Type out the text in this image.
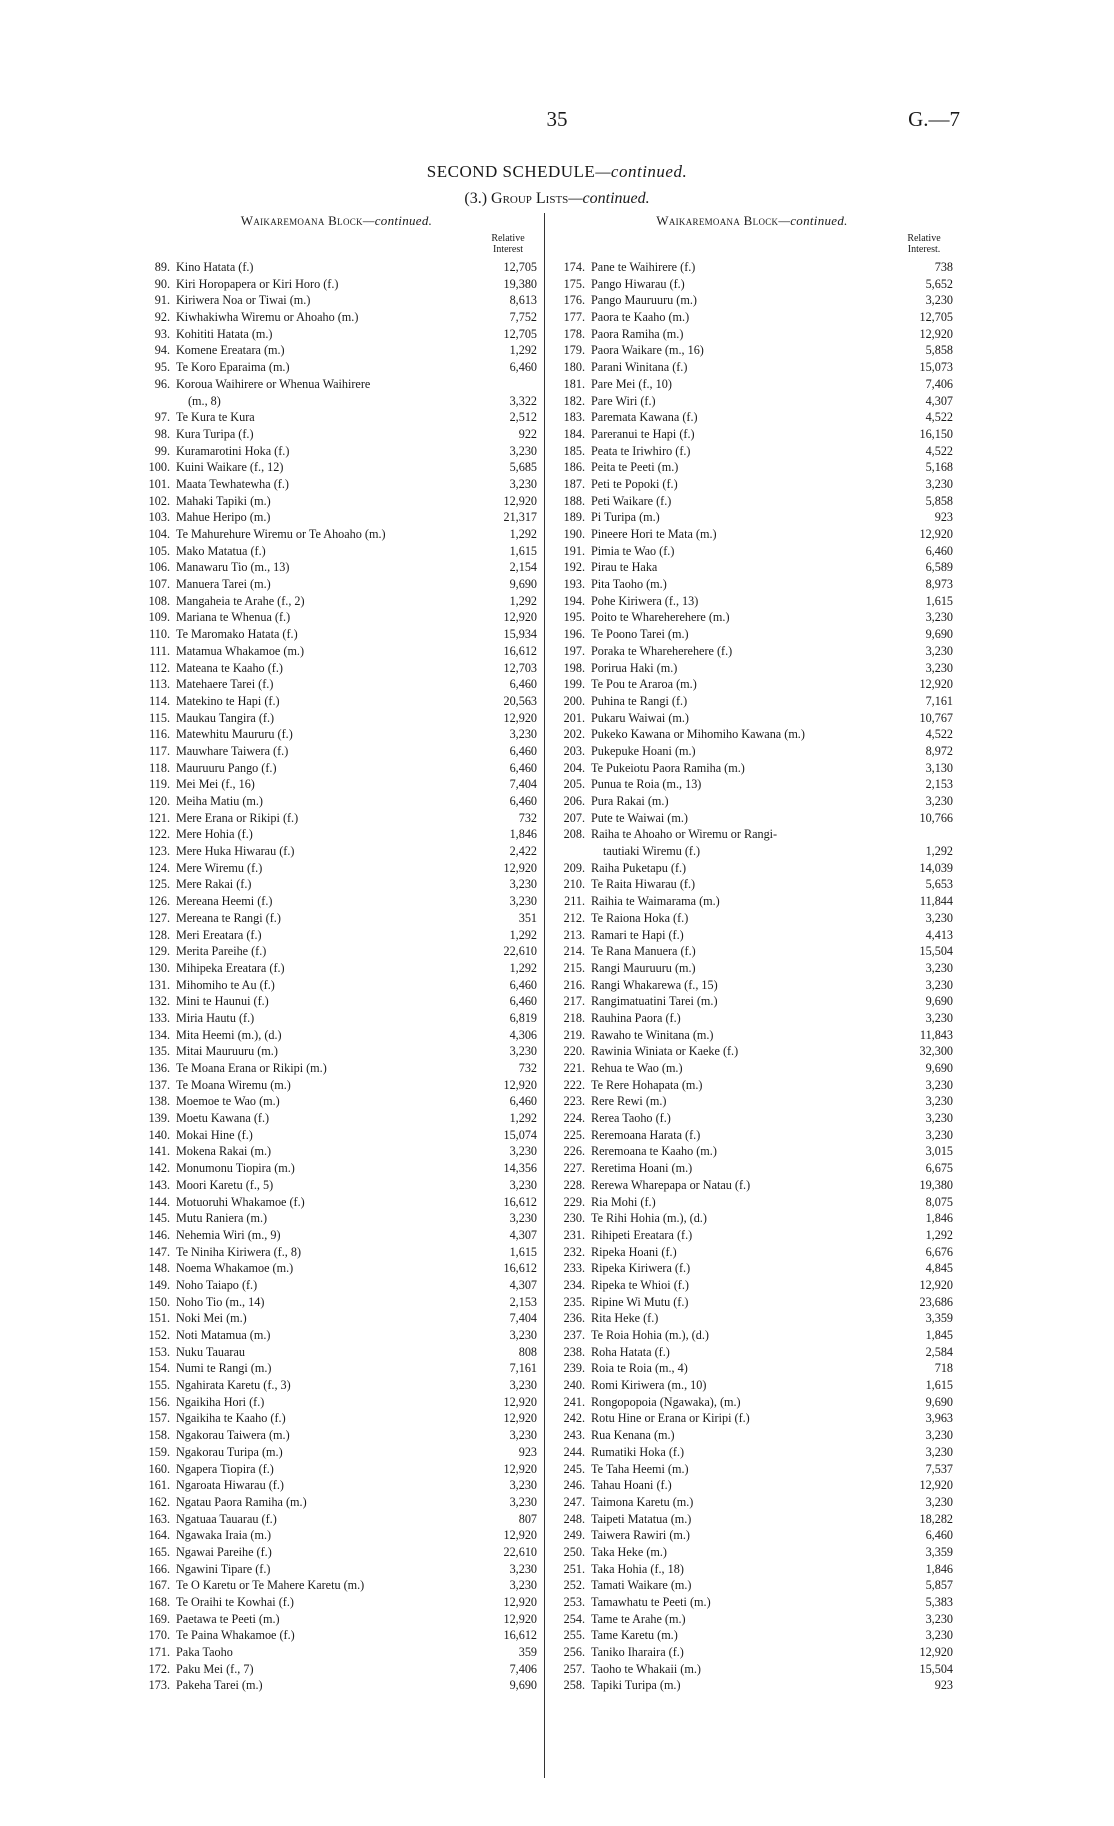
35	G.—7
SECOND SCHEDULE—continued.
(3.) Group Lists—continued.
Waikaremoana Block—continued.
Relative Interest
89. Kino Hatata (f.)	12,705
90. Kiri Horopapera or Kiri Horo (f.)	19,380
91. Kiriwera Noa or Tiwai (m.)	8,613
92. Kiwhakiwha Wiremu or Ahoaho (m.)	7,752
93. Kohititi Hatata (m.)	12,705
94. Komene Ereatara (m.)	1,292
95. Te Koro Eparaima (m.)	6,460
96. Koroua Waihirere or Whenua Waihirere
(m., 8)	3,322
97. Te Kura te Kura	2,512
98. Kura Turipa (f.)	922
99. Kuramarotini Hoka (f.)	3,230
100. Kuini Waikare (f., 12)	5,685
101. Maata Tewhatewha (f.)	3,230
102. Mahaki Tapiki (m.)	12,920
103. Mahue Heripo (m.)	21,317
104. Te Mahurehure Wiremu or Te Ahoaho (m.)	1,292
105. Mako Matatua (f.)	1,615
106. Manawaru Tio (m., 13)	2,154
107. Manuera Tarei (m.)	9,690
108. Mangaheia te Arahe (f., 2)	1,292
109. Mariana te Whenua (f.)	12,920
110. Te Maromako Hatata (f.)	15,934
111. Matamua Whakamoe (m.)	16,612
112. Mateana te Kaaho (f.)	12,703
113. Matehaere Tarei (f.)	6,460
114. Matekino te Hapi (f.)	20,563
115. Maukau Tangira (f.)	12,920
116. Matewhitu Maururu (f.)	3,230
117. Mauwhare Taiwera (f.)	6,460
118. Mauruuru Pango (f.)	6,460
119. Mei Mei (f., 16)	7,404
120. Meiha Matiu (m.)	6,460
121. Mere Erana or Rikipi (f.)	732
122. Mere Hohia (f.)	1,846
123. Mere Huka Hiwarau (f.)	2,422
124. Mere Wiremu (f.)	12,920
125. Mere Rakai (f.)	3,230
126. Mereana Heemi (f.)	3,230
127. Mereana te Rangi (f.)	351
128. Meri Ereatara (f.)	1,292
129. Merita Pareihe (f.)	22,610
130. Mihipeka Ereatara (f.)	1,292
131. Mihomiho te Au (f.)	6,460
132. Mini te Haunui (f.)	6,460
133. Miria Hautu (f.)	6,819
134. Mita Heemi (m.), (d.)	4,306
135. Mitai Mauruuru (m.)	3,230
136. Te Moana Erana or Rikipi (m.)	732
137. Te Moana Wiremu (m.)	12,920
138. Moemoe te Wao (m.)	6,460
139. Moetu Kawana (f.)	1,292
140. Mokai Hine (f.)	15,074
141. Mokena Rakai (m.)	3,230
142. Monumonu Tiopira (m.)	14,356
143. Moori Karetu (f., 5)	3,230
144. Motuoruhi Whakamoe (f.)	16,612
145. Mutu Raniera (m.)	3,230
146. Nehemia Wiri (m., 9)	4,307
147. Te Niniha Kiriwera (f., 8)	1,615
148. Noema Whakamoe (m.)	16,612
149. Noho Taiapo (f.)	4,307
150. Noho Tio (m., 14)	2,153
151. Noki Mei (m.)	7,404
152. Noti Matamua (m.)	3,230
153. Nuku Tauarau	808
154. Numi te Rangi (m.)	7,161
155. Ngahirata Karetu (f., 3)	3,230
156. Ngaikiha Hori (f.)	12,920
157. Ngaikiha te Kaaho (f.)	12,920
158. Ngakorau Taiwera (m.)	3,230
159. Ngakorau Turipa (m.)	923
160. Ngapera Tiopira (f.)	12,920
161. Ngaroata Hiwarau (f.)	3,230
162. Ngatau Paora Ramiha (m.)	3,230
163. Ngatuaa Tauarau (f.)	807
164. Ngawaka Iraia (m.)	12,920
165. Ngawai Pareihe (f.)	22,610
166. Ngawini Tipare (f.)	3,230
167. Te O Karetu or Te Mahere Karetu (m.)	3,230
168. Te Oraihi te Kowhai (f.)	12,920
169. Paetawa te Peeti (m.)	12,920
170. Te Paina Whakamoe (f.)	16,612
171. Paka Taoho	359
172. Paku Mei (f., 7)	7,406
173. Pakeha Tarei (m.)	9,690
Waikaremoana Block—continued.
Relative Interest.
174. Pane te Waihirere (f.)	738
175. Pango Hiwarau (f.)	5,652
176. Pango Mauruuru (m.)	3,230
177. Paora te Kaaho (m.)	12,705
178. Paora Ramiha (m.)	12,920
179. Paora Waikare (m., 16)	5,858
180. Parani Winitana (f.)	15,073
181. Pare Mei (f., 10)	7,406
182. Pare Wiri (f.)	4,307
183. Paremata Kawana (f.)	4,522
184. Pareranui te Hapi (f.)	16,150
185. Peata te Iriwhiro (f.)	4,522
186. Peita te Peeti (m.)	5,168
187. Peti te Popoki (f.)	3,230
188. Peti Waikare (f.)	5,858
189. Pi Turipa (m.)	923
190. Pineere Hori te Mata (m.)	12,920
191. Pimia te Wao (f.)	6,460
192. Pirau te Haka	6,589
193. Pita Taoho (m.)	8,973
194. Pohe Kiriwera (f., 13)	1,615
195. Poito te Wharehereherе (m.)	3,230
196. Te Poono Tarei (m.)	9,690
197. Poraka te Wharehereherе (f.)	3,230
198. Porirua Haki (m.)	3,230
199. Te Pou te Araroa (m.)	12,920
200. Puhina te Rangi (f.)	7,161
201. Pukaru Waiwai (m.)	10,767
202. Pukeko Kawana or Mihomiho Kawana (m.)	4,522
203. Pukepuke Hoani (m.)	8,972
204. Te Pukeiotu Paora Ramiha (m.)	3,130
205. Punua te Roia (m., 13)	2,153
206. Pura Rakai (m.)	3,230
207. Pute te Waiwai (m.)	10,766
208. Raiha te Ahoaho or Wiremu or Rangi-
tautiaki Wiremu (f.)	1,292
209. Raiha Puketapu (f.)	14,039
210. Te Raita Hiwarau (f.)	5,653
211. Raihia te Waimarama (m.)	11,844
212. Te Raiona Hoka (f.)	3,230
213. Ramari te Hapi (f.)	4,413
214. Te Rana Manuera (f.)	15,504
215. Rangi Mauruuru (m.)	3,230
216. Rangi Whakarewa (f., 15)	3,230
217. Rangimatuatini Tarei (m.)	9,690
218. Rauhina Paora (f.)	3,230
219. Rawaho te Winitana (m.)	11,843
220. Rawinia Winiata or Kaeke (f.)	32,300
221. Rehua te Wao (m.)	9,690
222. Te Rere Hohapata (m.)	3,230
223. Rere Rewi (m.)	3,230
224. Rerea Taoho (f.)	3,230
225. Reremoana Harata (f.)	3,230
226. Reremoana te Kaaho (m.)	3,015
227. Reretima Hoani (m.)	6,675
228. Rerewa Wharepapa or Natau (f.)	19,380
229. Ria Mohi (f.)	8,075
230. Te Rihi Hohia (m.), (d.)	1,846
231. Rihipeti Ereatara (f.)	1,292
232. Ripeka Hoani (f.)	6,676
233. Ripeka Kiriwera (f.)	4,845
234. Ripeka te Whioi (f.)	12,920
235. Ripine Wi Mutu (f.)	23,686
236. Rita Heke (f.)	3,359
237. Te Roia Hohia (m.), (d.)	1,845
238. Roha Hatata (f.)	2,584
239. Roia te Roia (m., 4)	718
240. Romi Kiriwera (m., 10)	1,615
241. Rongopopoia (Ngawaka), (m.)	9,690
242. Rotu Hine or Erana or Kiripi (f.)	3,963
243. Rua Kenana (m.)	3,230
244. Rumatiki Hoka (f.)	3,230
245. Te Taha Heemi (m.)	7,537
246. Tahau Hoani (f.)	12,920
247. Taimona Karetu (m.)	3,230
248. Taipeti Matatua (m.)	18,282
249. Taiwera Rawiri (m.)	6,460
250. Taka Heke (m.)	3,359
251. Taka Hohia (f., 18)	1,846
252. Tamati Waikare (m.)	5,857
253. Tamawhatu te Peeti (m.)	5,383
254. Tame te Arahe (m.)	3,230
255. Tame Karetu (m.)	3,230
256. Taniko Iharaira (f.)	12,920
257. Taoho te Whakaii (m.)	15,504
258. Tapiki Turipa (m.)	923
